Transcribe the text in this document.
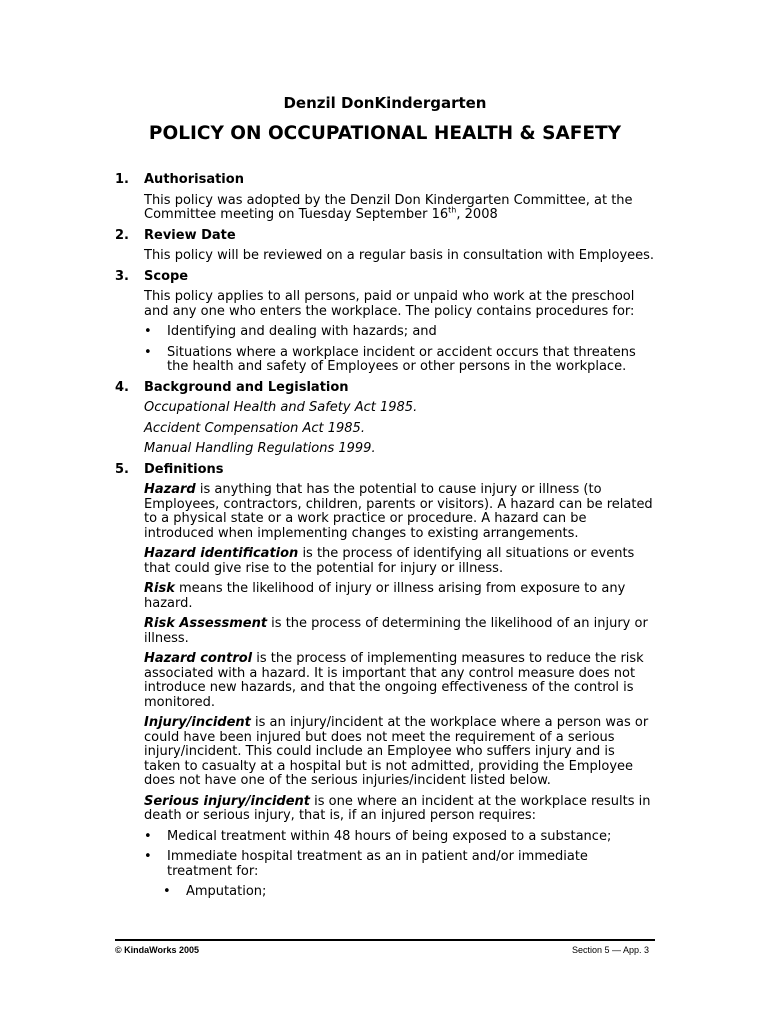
Denzil DonKindergarten
POLICY ON OCCUPATIONAL HEALTH & SAFETY
1.	Authorisation
This policy was adopted by the Denzil Don Kindergarten Committee, at the Committee meeting on Tuesday September 16th, 2008
2.	Review Date
This policy will be reviewed on a regular basis in consultation with Employees.
3.	Scope
This policy applies to all persons, paid or unpaid who work at the preschool and any one who enters the workplace. The policy contains procedures for:
• Identifying and dealing with hazards; and
• Situations where a workplace incident or accident occurs that threatens the health and safety of Employees or other persons in the workplace.
4.	Background and Legislation
Occupational Health and Safety Act 1985.
Accident Compensation Act 1985.
Manual Handling Regulations 1999.
5.	Definitions
Hazard is anything that has the potential to cause injury or illness (to Employees, contractors, children, parents or visitors). A hazard can be related to a physical state or a work practice or procedure. A hazard can be introduced when implementing changes to existing arrangements.
Hazard identification is the process of identifying all situations or events that could give rise to the potential for injury or illness.
Risk means the likelihood of injury or illness arising from exposure to any hazard.
Risk Assessment is the process of determining the likelihood of an injury or illness.
Hazard control is the process of implementing measures to reduce the risk associated with a hazard. It is important that any control measure does not introduce new hazards, and that the ongoing effectiveness of the control is monitored.
Injury/incident is an injury/incident at the workplace where a person was or could have been injured but does not meet the requirement of a serious injury/incident. This could include an Employee who suffers injury and is taken to casualty at a hospital but is not admitted, providing the Employee does not have one of the serious injuries/incident listed below.
Serious injury/incident is one where an incident at the workplace results in death or serious injury, that is, if an injured person requires:
• Medical treatment within 48 hours of being exposed to a substance;
• Immediate hospital treatment as an in patient and/or immediate treatment for:
• Amputation;
© KindaWorks 2005	Section 5 — App. 3
